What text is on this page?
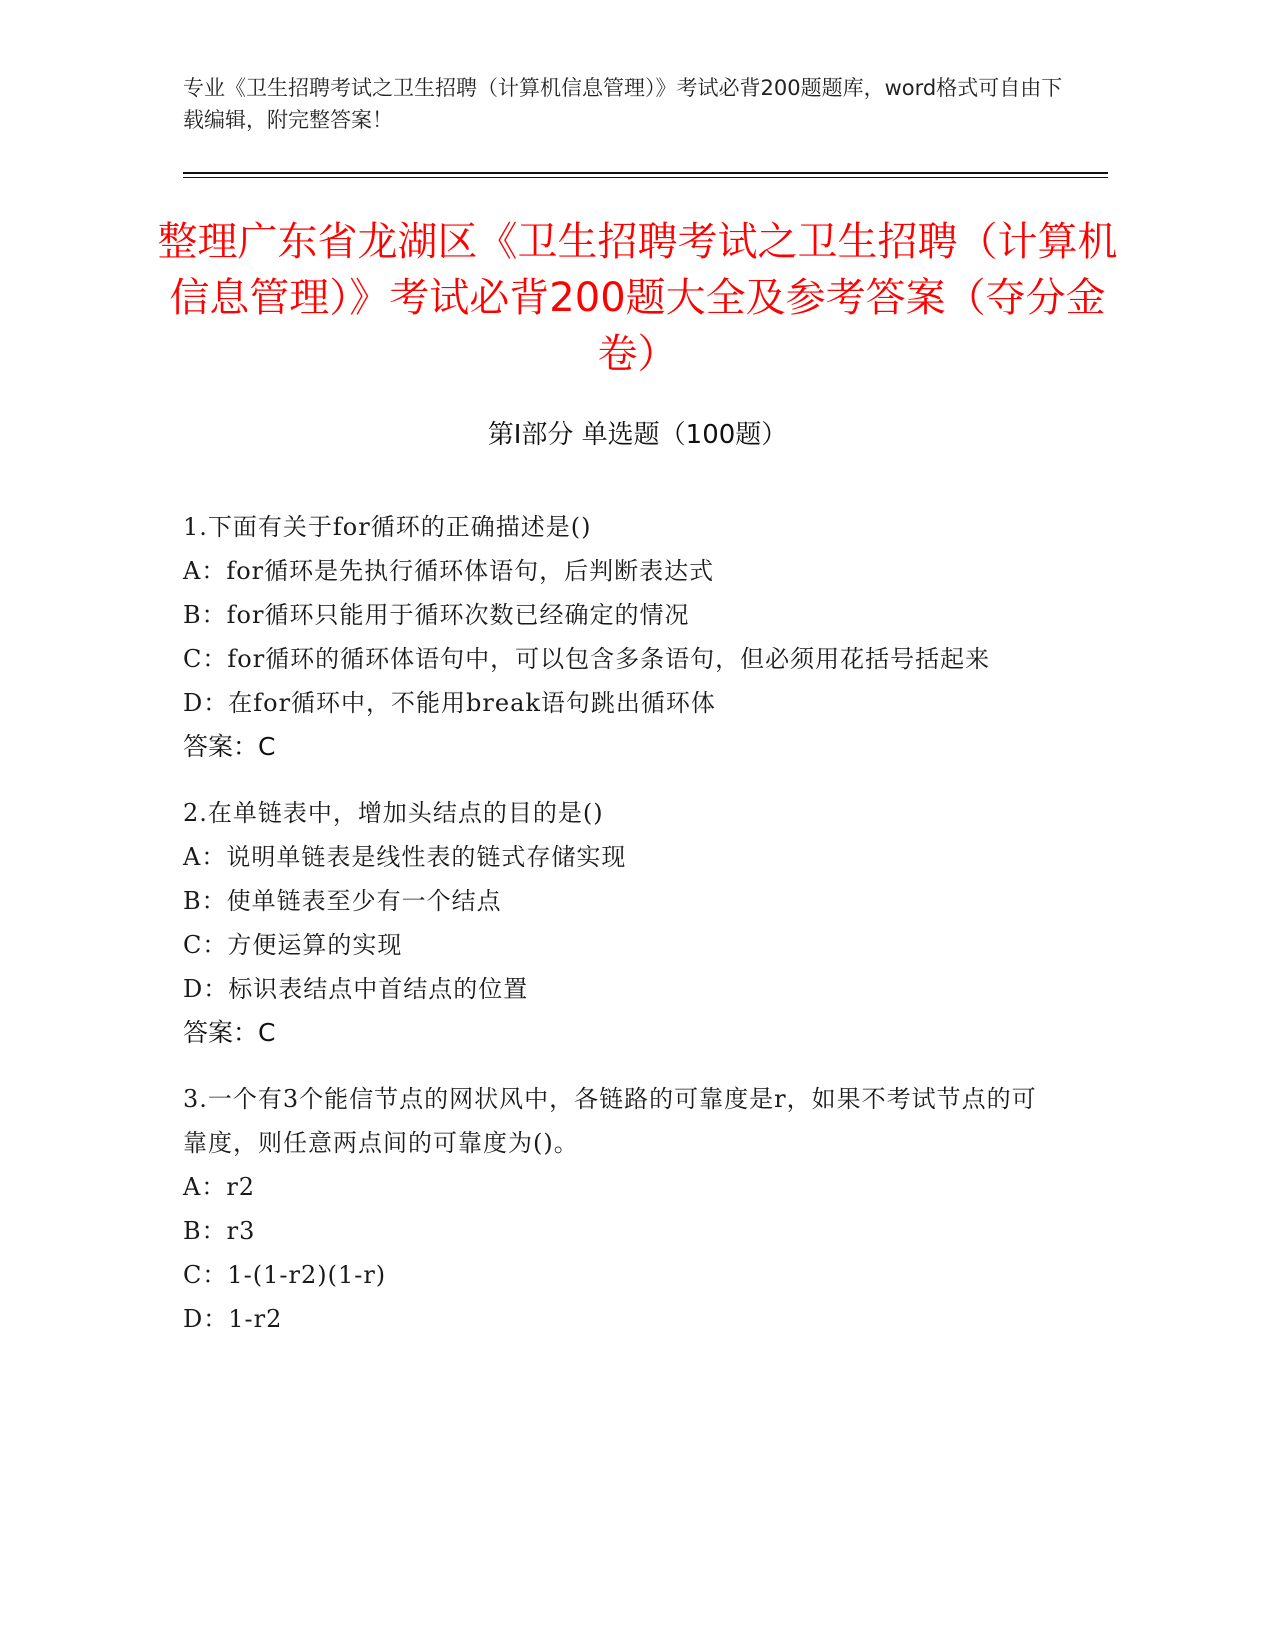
专业《卫生招聘考试之卫生招聘（计算机信息管理）》考试必背200题题库，word格式可自由下载编辑，附完整答案！
整理广东省龙湖区《卫生招聘考试之卫生招聘（计算机信息管理）》考试必背200题大全及参考答案（夺分金卷）
第Ⅰ部分 单选题（100题）

1.下面有关于for循环的正确描述是()

A：for循环是先执行循环体语句，后判断表达式

B：for循环只能用于循环次数已经确定的情况

C：for循环的循环体语句中，可以包含多条语句，但必须用花括号括起来

D：在for循环中，不能用break语句跳出循环体

答案：C

2.在单链表中，增加头结点的目的是()

A：说明单链表是线性表的链式存储实现

B：使单链表至少有一个结点

C：方便运算的实现

D：标识表结点中首结点的位置

答案：C

3.一个有3个能信节点的网状风中，各链路的可靠度是r，如果不考试节点的可靠度，则任意两点间的可靠度为()。

A：r2

B：r3

C：1-(1-r2)(1-r)

D：1-r2
